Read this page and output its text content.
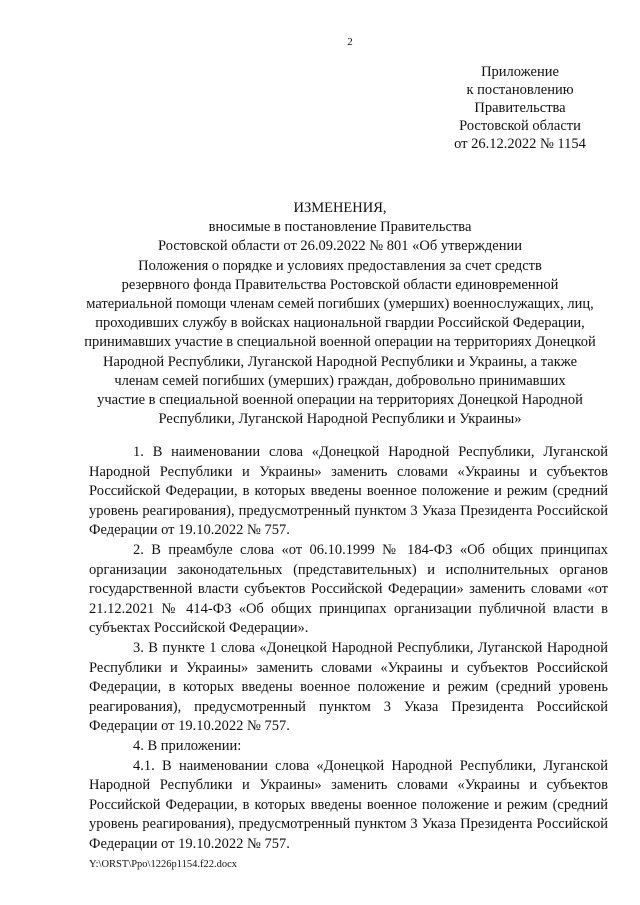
2
Приложение
к постановлению
Правительства
Ростовской области
от 26.12.2022 № 1154
ИЗМЕНЕНИЯ,
вносимые в постановление Правительства
Ростовской области от 26.09.2022 № 801 «Об утверждении
Положения о порядке и условиях предоставления за счет средств
резервного фонда Правительства Ростовской области единовременной
материальной помощи членам семей погибших (умерших) военнослужащих, лиц,
проходивших службу в войсках национальной гвардии Российской Федерации,
принимавших участие в специальной военной операции на территориях Донецкой
Народной Республики, Луганской Народной Республики и Украины, а также
членам семей погибших (умерших) граждан, добровольно принимавших
участие в специальной военной операции на территориях Донецкой Народной
Республики, Луганской Народной Республики и Украины»

1. В наименовании слова «Донецкой Народной Республики, Луганской Народной Республики и Украины» заменить словами «Украины и субъектов Российской Федерации, в которых введены военное положение и режим (средний уровень реагирования), предусмотренный пунктом 3 Указа Президента Российской Федерации от 19.10.2022 № 757.

2. В преамбуле слова «от 06.10.1999 № 184-ФЗ «Об общих принципах организации законодательных (представительных) и исполнительных органов государственной власти субъектов Российской Федерации» заменить словами «от 21.12.2021 № 414-ФЗ «Об общих принципах организации публичной власти в субъектах Российской Федерации».

3. В пункте 1 слова «Донецкой Народной Республики, Луганской Народной Республики и Украины» заменить словами «Украины и субъектов Российской Федерации, в которых введены военное положение и режим (средний уровень реагирования), предусмотренный пунктом 3 Указа Президента Российской Федерации от 19.10.2022 № 757.

4. В приложении:

4.1. В наименовании слова «Донецкой Народной Республики, Луганской Народной Республики и Украины» заменить словами «Украины и субъектов Российской Федерации, в которых введены военное положение и режим (средний уровень реагирования), предусмотренный пунктом 3 Указа Президента Российской Федерации от 19.10.2022 № 757.

Y:\ORST\Ppo\1226p1154.f22.docx
